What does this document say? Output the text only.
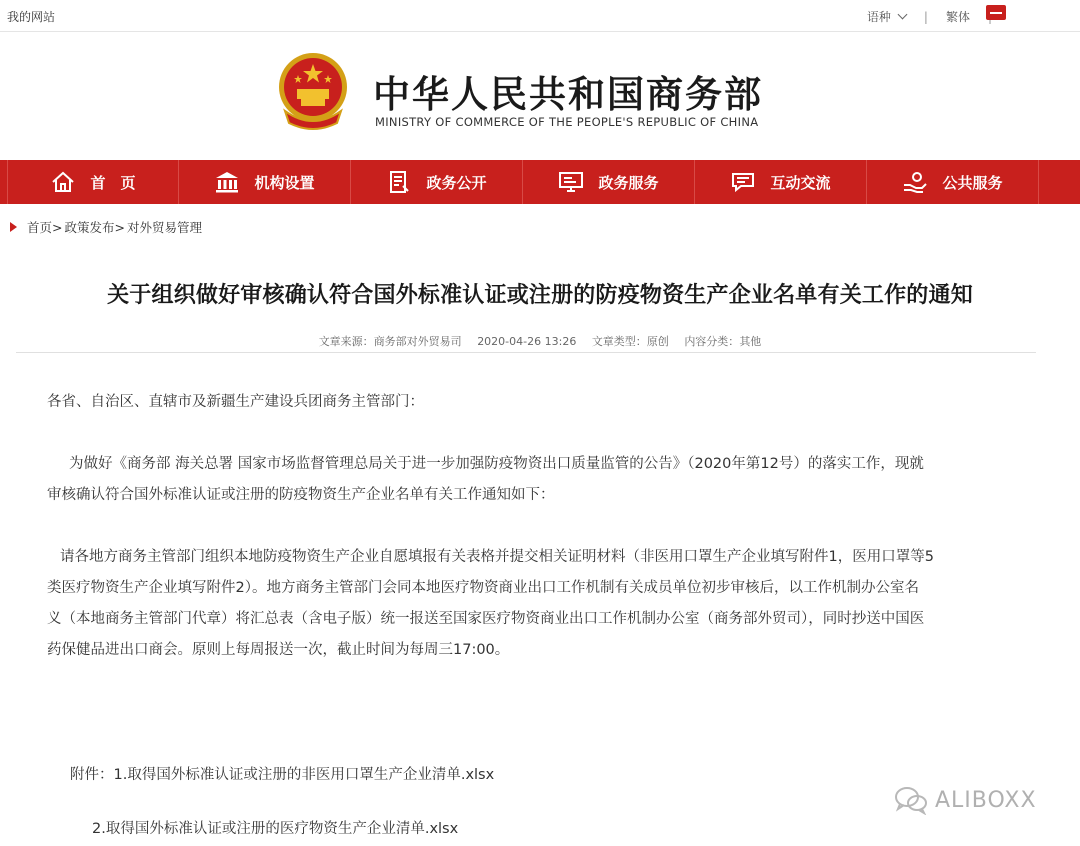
我的网站	语种	| 繁体
中华人民共和国商务部
MINISTRY OF COMMERCE OF THE PEOPLE'S REPUBLIC OF CHINA
首　页	机构设置	政务公开	政务服务	互动交流	公共服务
首页> 政策发布> 对外贸易管理
关于组织做好审核确认符合国外标准认证或注册的防疫物资生产企业名单有关工作的通知
文章来源：商务部对外贸易司 2020-04-26 13:26 文章类型：原创 内容分类：其他
各省、自治区、直辖市及新疆生产建设兵团商务主管部门：
为做好《商务部 海关总署 国家市场监督管理总局关于进一步加强防疫物资出口质量监管的公告》（2020年第12号）的落实工作，现就
审核确认符合国外标准认证或注册的防疫物资生产企业名单有关工作通知如下：
请各地方商务主管部门组织本地防疫物资生产企业自愿填报有关表格并提交相关证明材料（非医用口罩生产企业填写附件1，医用口罩等5
类医疗物资生产企业填写附件2）。地方商务主管部门会同本地医疗物资商业出口工作机制有关成员单位初步审核后，以工作机制办公室名
义（本地商务主管部门代章）将汇总表（含电子版）统一报送至国家医疗物资商业出口工作机制办公室（商务部外贸司），同时抄送中国医
药保健品进出口商会。原则上每周报送一次，截止时间为每周三17:00。
附件：1.取得国外标准认证或注册的非医用口罩生产企业清单.xlsx
2.取得国外标准认证或注册的医疗物资生产企业清单.xlsx
ALIBOXX
